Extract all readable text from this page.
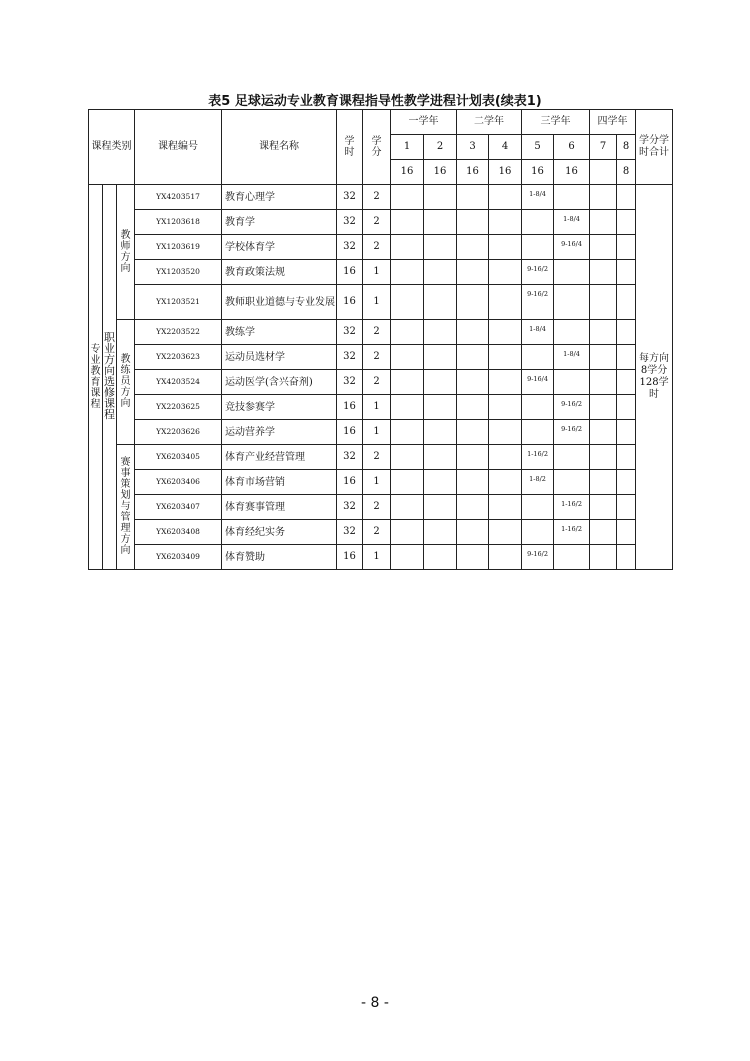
表5 足球运动专业教育课程指导性教学进程计划表(续表1)
课程类别			课程编号	课程名称	学时	学分	一学年		二学年		三学年		四学年		学分学时合计
							1	2	3	4	5	6	7	8	
							16	16	16	16	16	16		8	
专业教育课程	职业方向选修课程	教师方向	YX4203517	教育心理学	32	2					1-8/4				每方向8学分128学时
			YX1203618	教育学	32	2						1-8/4			
			YX1203619	学校体育学	32	2						9-16/4			
			YX1203520	教育政策法规	16	1					9-16/2				
			YX1203521	教师职业道德与专业发展	16	1					9-16/2				
		教练员方向	YX2203522	教练学	32	2					1-8/4				
			YX2203623	运动员选材学	32	2						1-8/4			
			YX4203524	运动医学(含兴奋剂)	32	2					9-16/4				
			YX2203625	竞技参赛学	16	1						9-16/2			
			YX2203626	运动营养学	16	1						9-16/2			
		赛事策划与管理方向	YX6203405	体育产业经营管理	32	2					1-16/2				
			YX6203406	体育市场营销	16	1					1-8/2				
			YX6203407	体育赛事管理	32	2						1-16/2			
			YX6203408	体育经纪实务	32	2						1-16/2			
			YX6203409	体育赞助	16	1					9-16/2				
- 8 -
